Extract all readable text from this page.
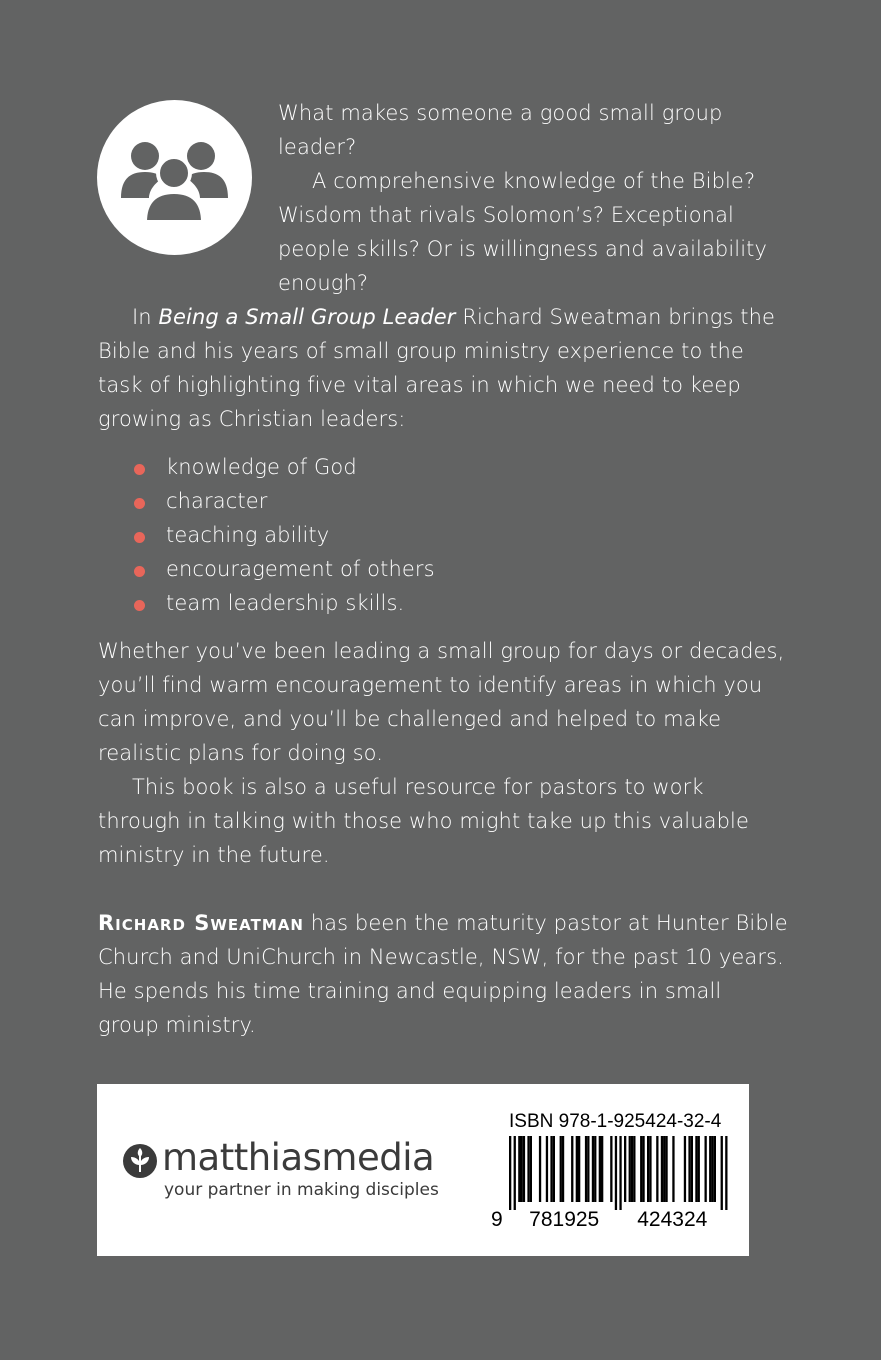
What makes someone a good small group leader?

A comprehensive knowledge of the Bible? Wisdom that rivals Solomon’s? Exceptional people skills? Or is willingness and availability enough?

In Being a Small Group Leader Richard Sweatman brings the Bible and his years of small group ministry experience to the task of highlighting five vital areas in which we need to keep growing as Christian leaders:

knowledge of God
character
teaching ability
encouragement of others
team leadership skills.

Whether you’ve been leading a small group for days or decades, you’ll find warm encouragement to identify areas in which you can improve, and you’ll be challenged and helped to make realistic plans for doing so.

This book is also a useful resource for pastors to work through in talking with those who might take up this valuable ministry in the future.

Richard Sweatman has been the maturity pastor at Hunter Bible Church and UniChurch in Newcastle, NSW, for the past 10 years. He spends his time training and equipping leaders in small group ministry.

matthiasmedia
your partner in making disciples
ISBN 978-1-925424-32-4
9 781925 424324
